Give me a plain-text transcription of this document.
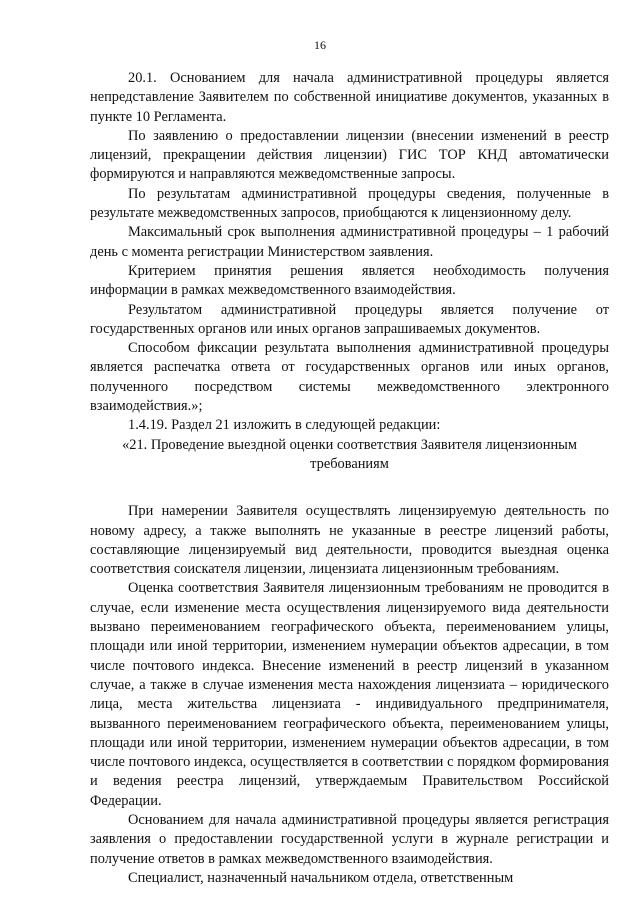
16

20.1. Основанием для начала административной процедуры является непредставление Заявителем по собственной инициативе документов, указанных в пункте 10 Регламента.

По заявлению о предоставлении лицензии (внесении изменений в реестр лицензий, прекращении действия лицензии) ГИС ТОР КНД автоматически формируются и направляются межведомственные запросы.

По результатам административной процедуры сведения, полученные в результате межведомственных запросов, приобщаются к лицензионному делу.

Максимальный срок выполнения административной процедуры – 1 рабочий день с момента регистрации Министерством заявления.

Критерием принятия решения является необходимость получения информации в рамках межведомственного взаимодействия.

Результатом административной процедуры является получение от государственных органов или иных органов запрашиваемых документов.

Способом фиксации результата выполнения административной процедуры является распечатка ответа от государственных органов или иных органов, полученного посредством системы межведомственного электронного взаимодействия.»;

1.4.19. Раздел 21 изложить в следующей редакции:

«21. Проведение выездной оценки соответствия Заявителя лицензионным требованиям

При намерении Заявителя осуществлять лицензируемую деятельность по новому адресу, а также выполнять не указанные в реестре лицензий работы, составляющие лицензируемый вид деятельности, проводится выездная оценка соответствия соискателя лицензии, лицензиата лицензионным требованиям.

Оценка соответствия Заявителя лицензионным требованиям не проводится в случае, если изменение места осуществления лицензируемого вида деятельности вызвано переименованием географического объекта, переименованием улицы, площади или иной территории, изменением нумерации объектов адресации, в том числе почтового индекса. Внесение изменений в реестр лицензий в указанном случае, а также в случае изменения места нахождения лицензиата – юридического лица, места жительства лицензиата - индивидуального предпринимателя, вызванного переименованием географического объекта, переименованием улицы, площади или иной территории, изменением нумерации объектов адресации, в том числе почтового индекса, осуществляется в соответствии с порядком формирования и ведения реестра лицензий, утверждаемым Правительством Российской Федерации.

Основанием для начала административной процедуры является регистрация заявления о предоставлении государственной услуги в журнале регистрации и получение ответов в рамках межведомственного взаимодействия.

Специалист, назначенный начальником отдела, ответственным
